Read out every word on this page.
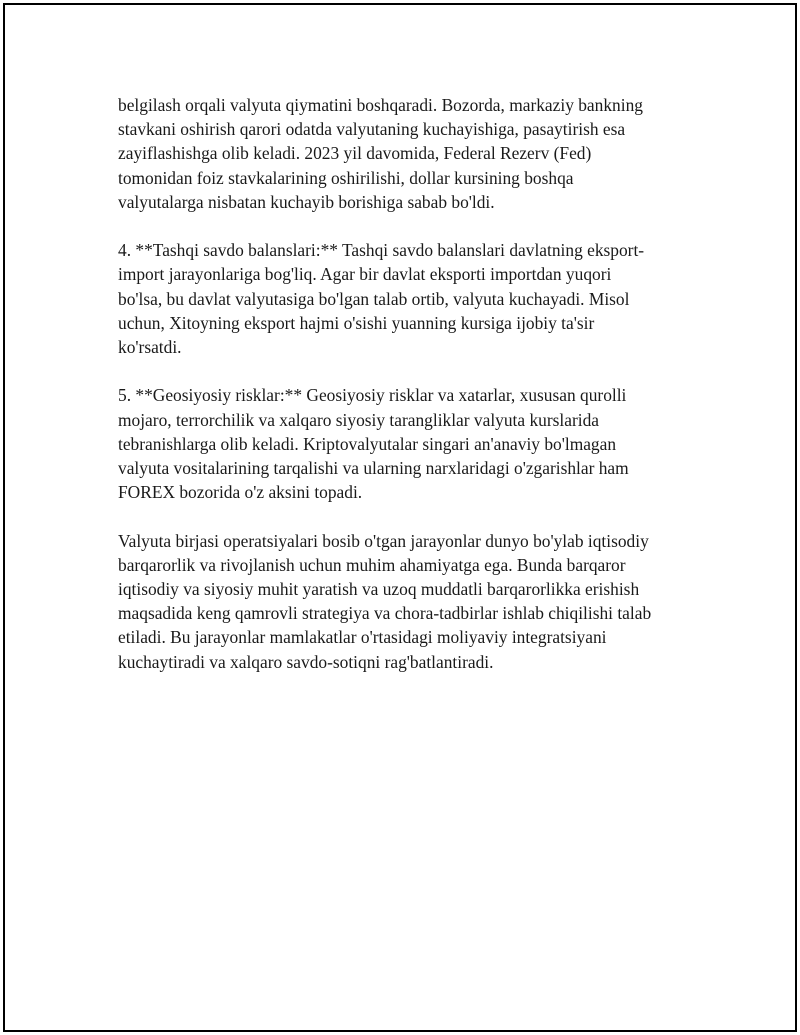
belgilash orqali valyuta qiymatini boshqaradi. Bozorda, markaziy bankning
stavkani oshirish qarori odatda valyutaning kuchayishiga, pasaytirish esa
zayiflashishga olib keladi. 2023 yil davomida, Federal Rezerv (Fed)
tomonidan foiz stavkalarining oshirilishi, dollar kursining boshqa
valyutalarga nisbatan kuchayib borishiga sabab bo'ldi.

4. **Tashqi savdo balanslari:** Tashqi savdo balanslari davlatning eksport-
import jarayonlariga bog'liq. Agar bir davlat eksporti importdan yuqori
bo'lsa, bu davlat valyutasiga bo'lgan talab ortib, valyuta kuchayadi. Misol
uchun, Xitoyning eksport hajmi o'sishi yuanning kursiga ijobiy ta'sir
ko'rsatdi.

5. **Geosiyosiy risklar:** Geosiyosiy risklar va xatarlar, xususan qurolli
mojaro, terrorchilik va xalqaro siyosiy tarangliklar valyuta kurslarida
tebranishlarga olib keladi. Kriptovalyutalar singari an'anaviy bo'lmagan
valyuta vositalarining tarqalishi va ularning narxlaridagi o'zgarishlar ham
FOREX bozorida o'z aksini topadi.

Valyuta birjasi operatsiyalari bosib o'tgan jarayonlar dunyo bo'ylab iqtisodiy
barqarorlik va rivojlanish uchun muhim ahamiyatga ega. Bunda barqaror
iqtisodiy va siyosiy muhit yaratish va uzoq muddatli barqarorlikka erishish
maqsadida keng qamrovli strategiya va chora-tadbirlar ishlab chiqilishi talab
etiladi. Bu jarayonlar mamlakatlar o'rtasidagi moliyaviy integratsiyani
kuchaytiradi va xalqaro savdo-sotiqni rag'batlantiradi.
